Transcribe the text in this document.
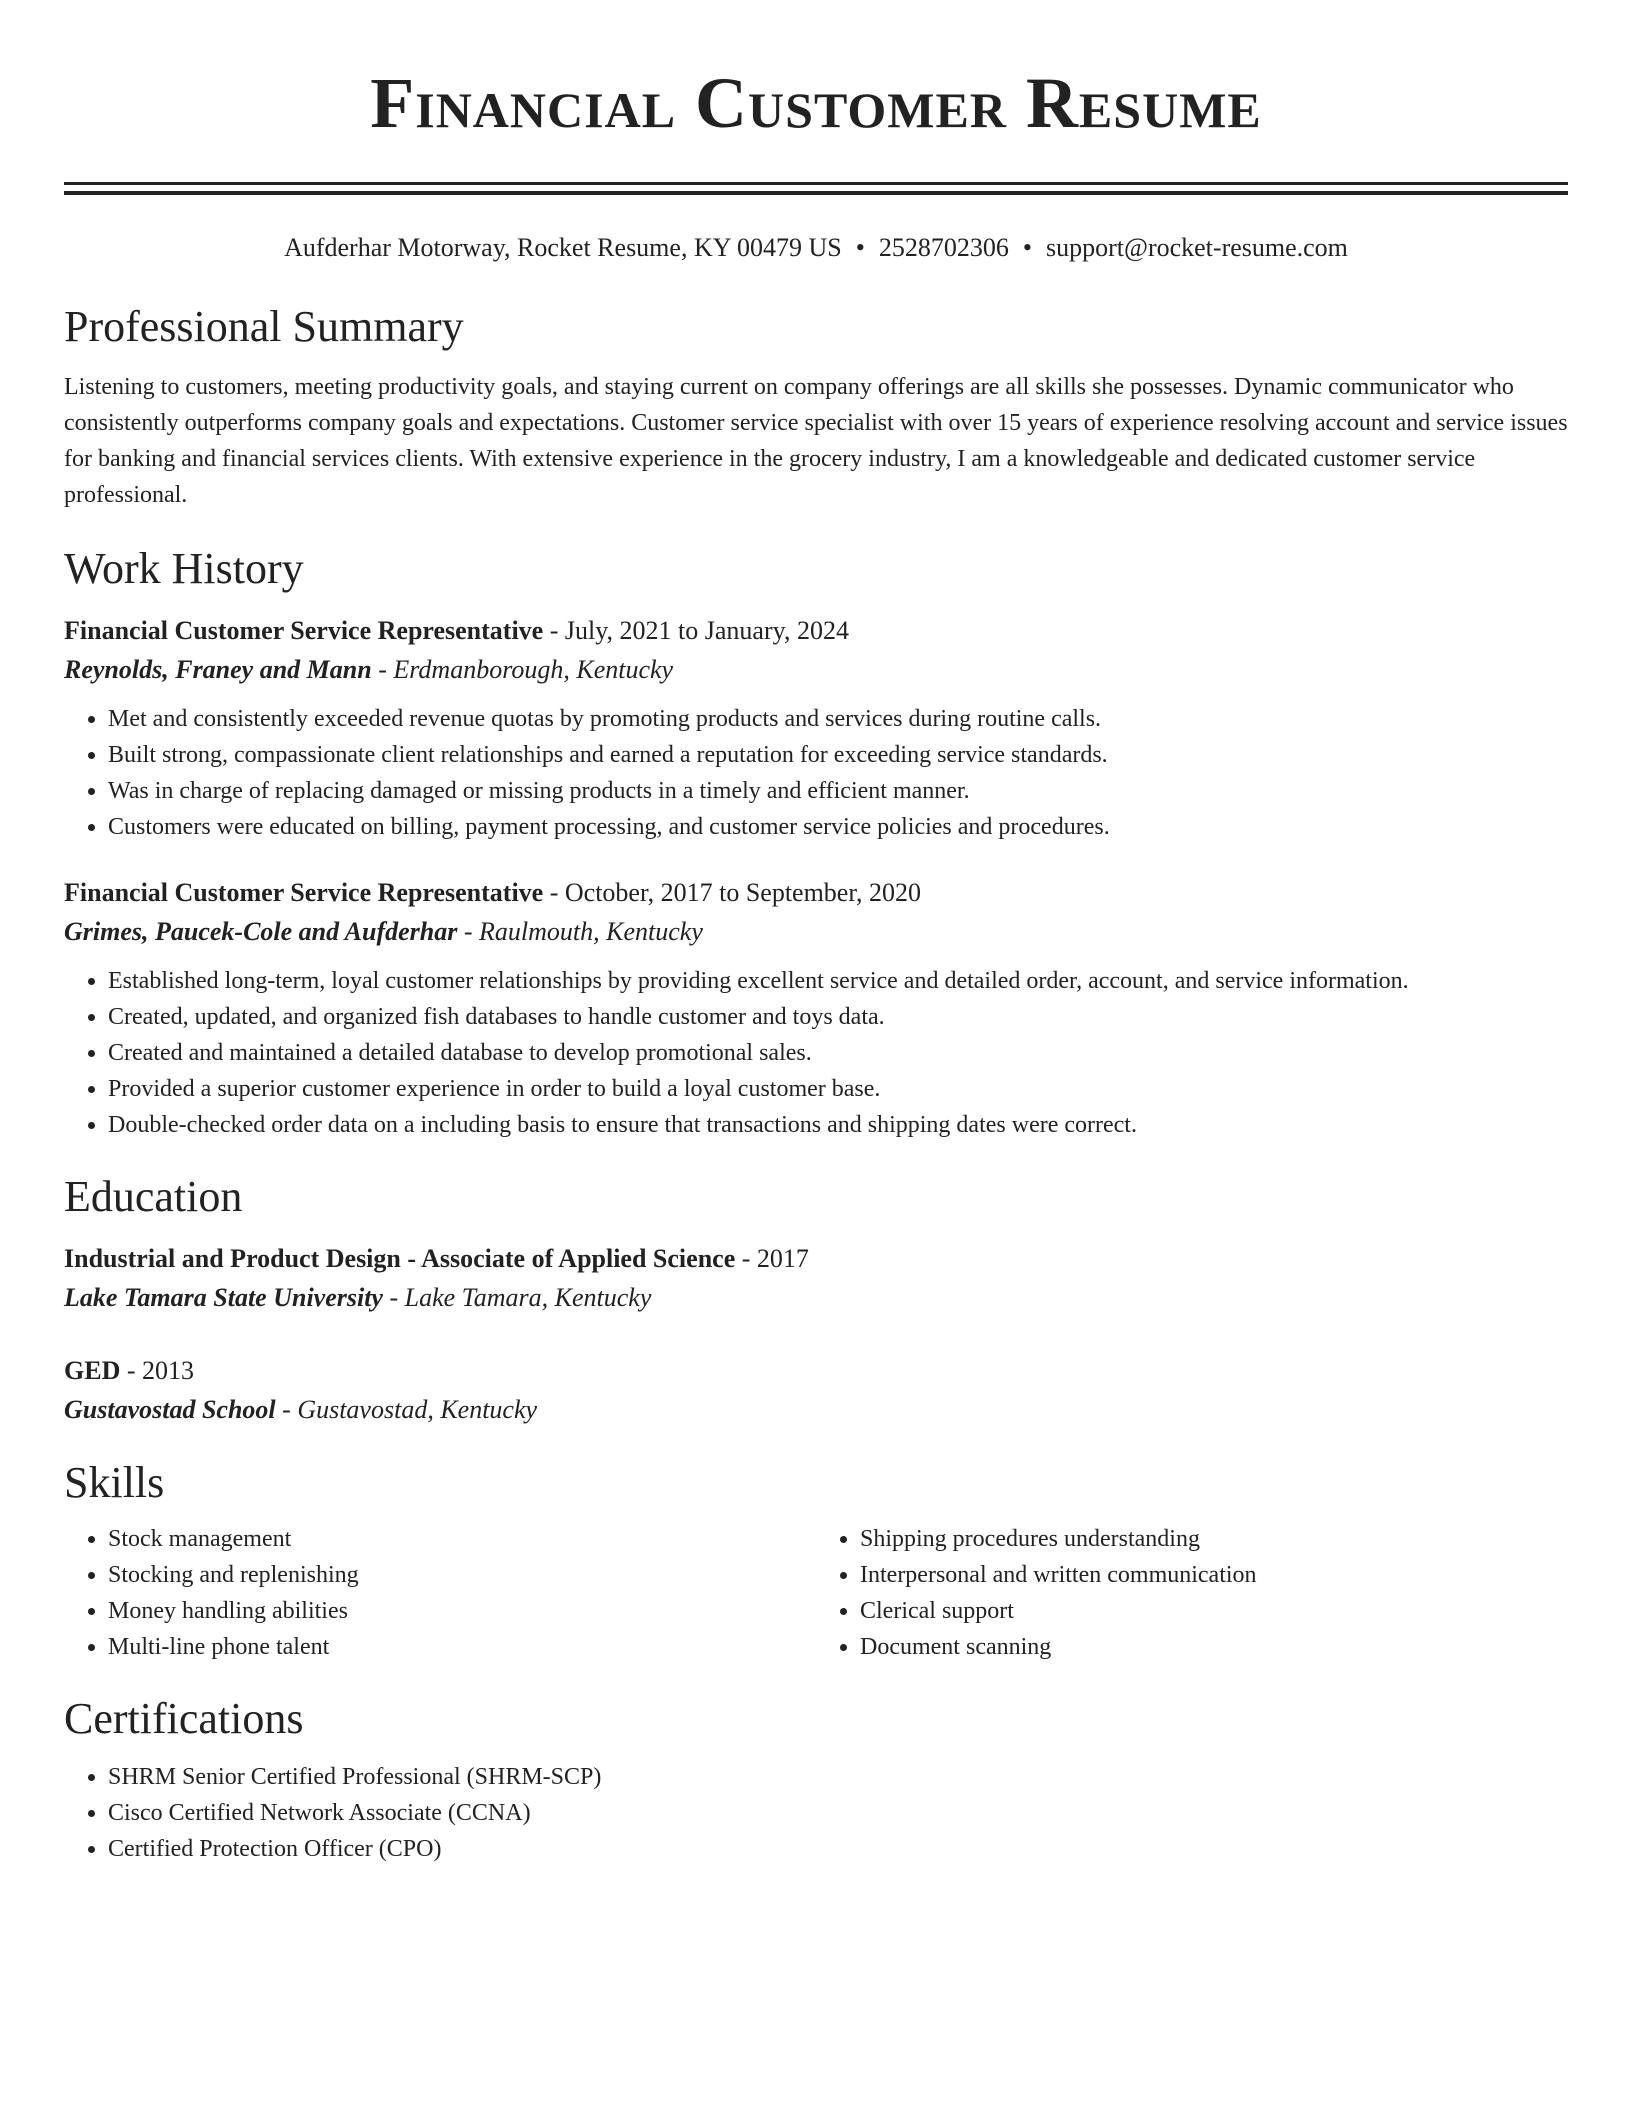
Financial Customer Resume
Aufderhar Motorway, Rocket Resume, KY 00479 US • 2528702306 • support@rocket-resume.com
Professional Summary

Listening to customers, meeting productivity goals, and staying current on company offerings are all skills she possesses. Dynamic communicator who consistently outperforms company goals and expectations. Customer service specialist with over 15 years of experience resolving account and service issues for banking and financial services clients. With extensive experience in the grocery industry, I am a knowledgeable and dedicated customer service professional.

Work History

Financial Customer Service Representative - July, 2021 to January, 2024

Reynolds, Franey and Mann - Erdmanborough, Kentucky

• Met and consistently exceeded revenue quotas by promoting products and services during routine calls.
• Built strong, compassionate client relationships and earned a reputation for exceeding service standards.
• Was in charge of replacing damaged or missing products in a timely and efficient manner.
• Customers were educated on billing, payment processing, and customer service policies and procedures.

Financial Customer Service Representative - October, 2017 to September, 2020

Grimes, Paucek-Cole and Aufderhar - Raulmouth, Kentucky

• Established long-term, loyal customer relationships by providing excellent service and detailed order, account, and service information.
• Created, updated, and organized fish databases to handle customer and toys data.
• Created and maintained a detailed database to develop promotional sales.
• Provided a superior customer experience in order to build a loyal customer base.
• Double-checked order data on a including basis to ensure that transactions and shipping dates were correct.
Education

Industrial and Product Design - Associate of Applied Science - 2017

Lake Tamara State University - Lake Tamara, Kentucky

GED - 2013

Gustavostad School - Gustavostad, Kentucky

Skills
• Stock management
• Stocking and replenishing
• Money handling abilities
• Multi-line phone talent
• Shipping procedures understanding
• Interpersonal and written communication
• Clerical support
• Document scanning
Certifications
• SHRM Senior Certified Professional (SHRM-SCP)
• Cisco Certified Network Associate (CCNA)
• Certified Protection Officer (CPO)
